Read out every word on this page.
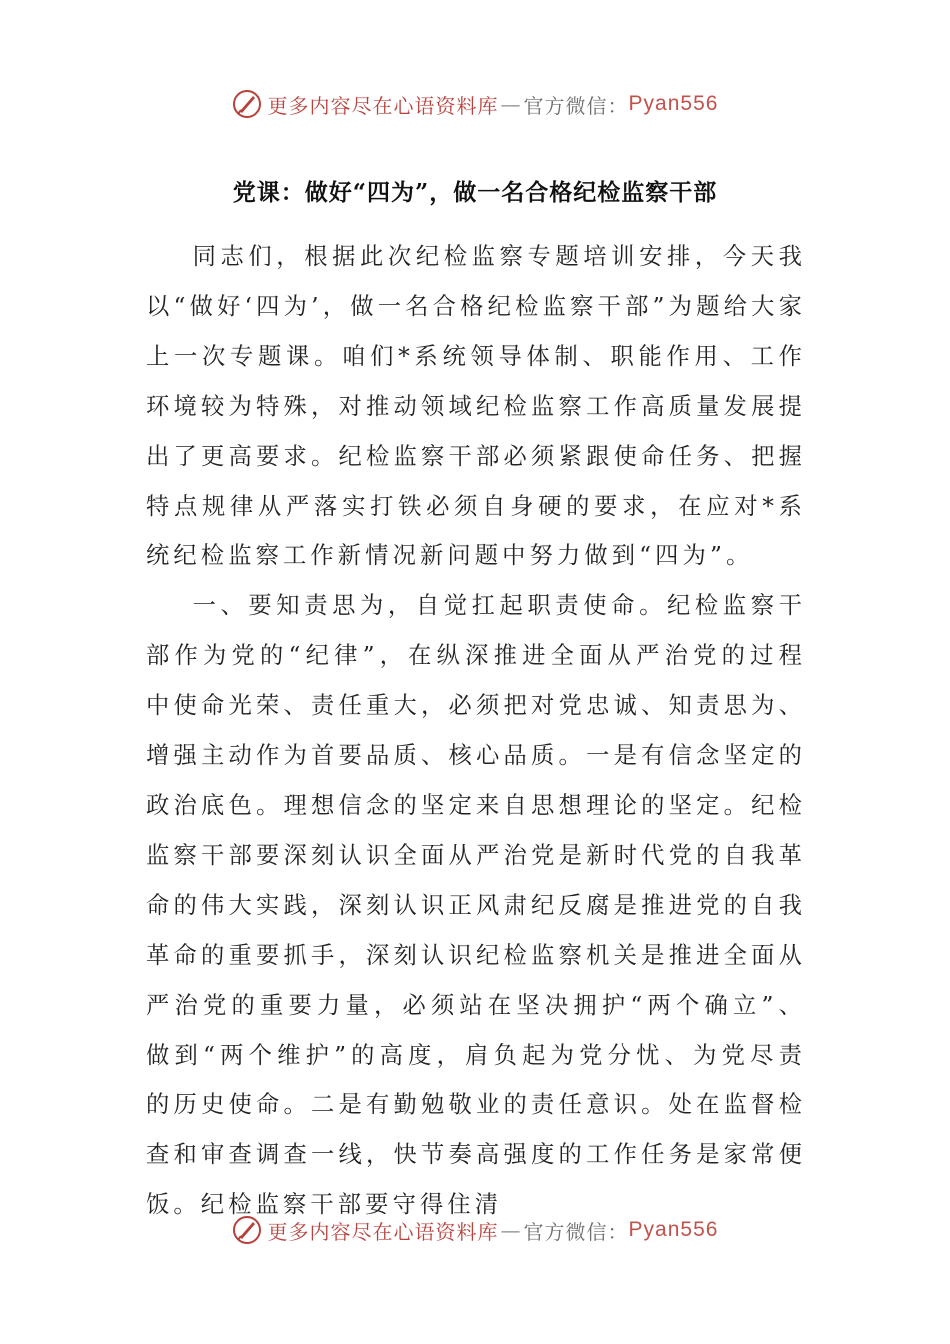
更多内容尽在心语资料库 — 官方微信： Pyan556
党课：做好“四为”，做一名合格纪检监察干部

同志们，根据此次纪检监察专题培训安排，今天我以“做好‘四为’，做一名合格纪检监察干部”为题给大家上一次专题课。咱们*系统领导体制、职能作用、工作环境较为特殊，对推动领域纪检监察工作高质量发展提出了更高要求。纪检监察干部必须紧跟使命任务、把握特点规律从严落实打铁必须自身硬的要求，在应对*系统纪检监察工作新情况新问题中努力做到“四为”。

一、要知责思为，自觉扛起职责使命。纪检监察干部作为党的“纪律”，在纵深推进全面从严治党的过程中使命光荣、责任重大，必须把对党忠诚、知责思为、增强主动作为首要品质、核心品质。一是有信念坚定的政治底色。理想信念的坚定来自思想理论的坚定。纪检监察干部要深刻认识全面从严治党是新时代党的自我革命的伟大实践，深刻认识正风肃纪反腐是推进党的自我革命的重要抓手，深刻认识纪检监察机关是推进全面从严治党的重要力量，必须站在坚决拥护“两个确立”、做到“两个维护”的高度，肩负起为党分忧、为党尽责的历史使命。二是有勤勉敬业的责任意识。处在监督检查和审查调查一线，快节奏高强度的工作任务是家常便饭。纪检监察干部要守得住清

更多内容尽在心语资料库 — 官方微信： Pyan556
